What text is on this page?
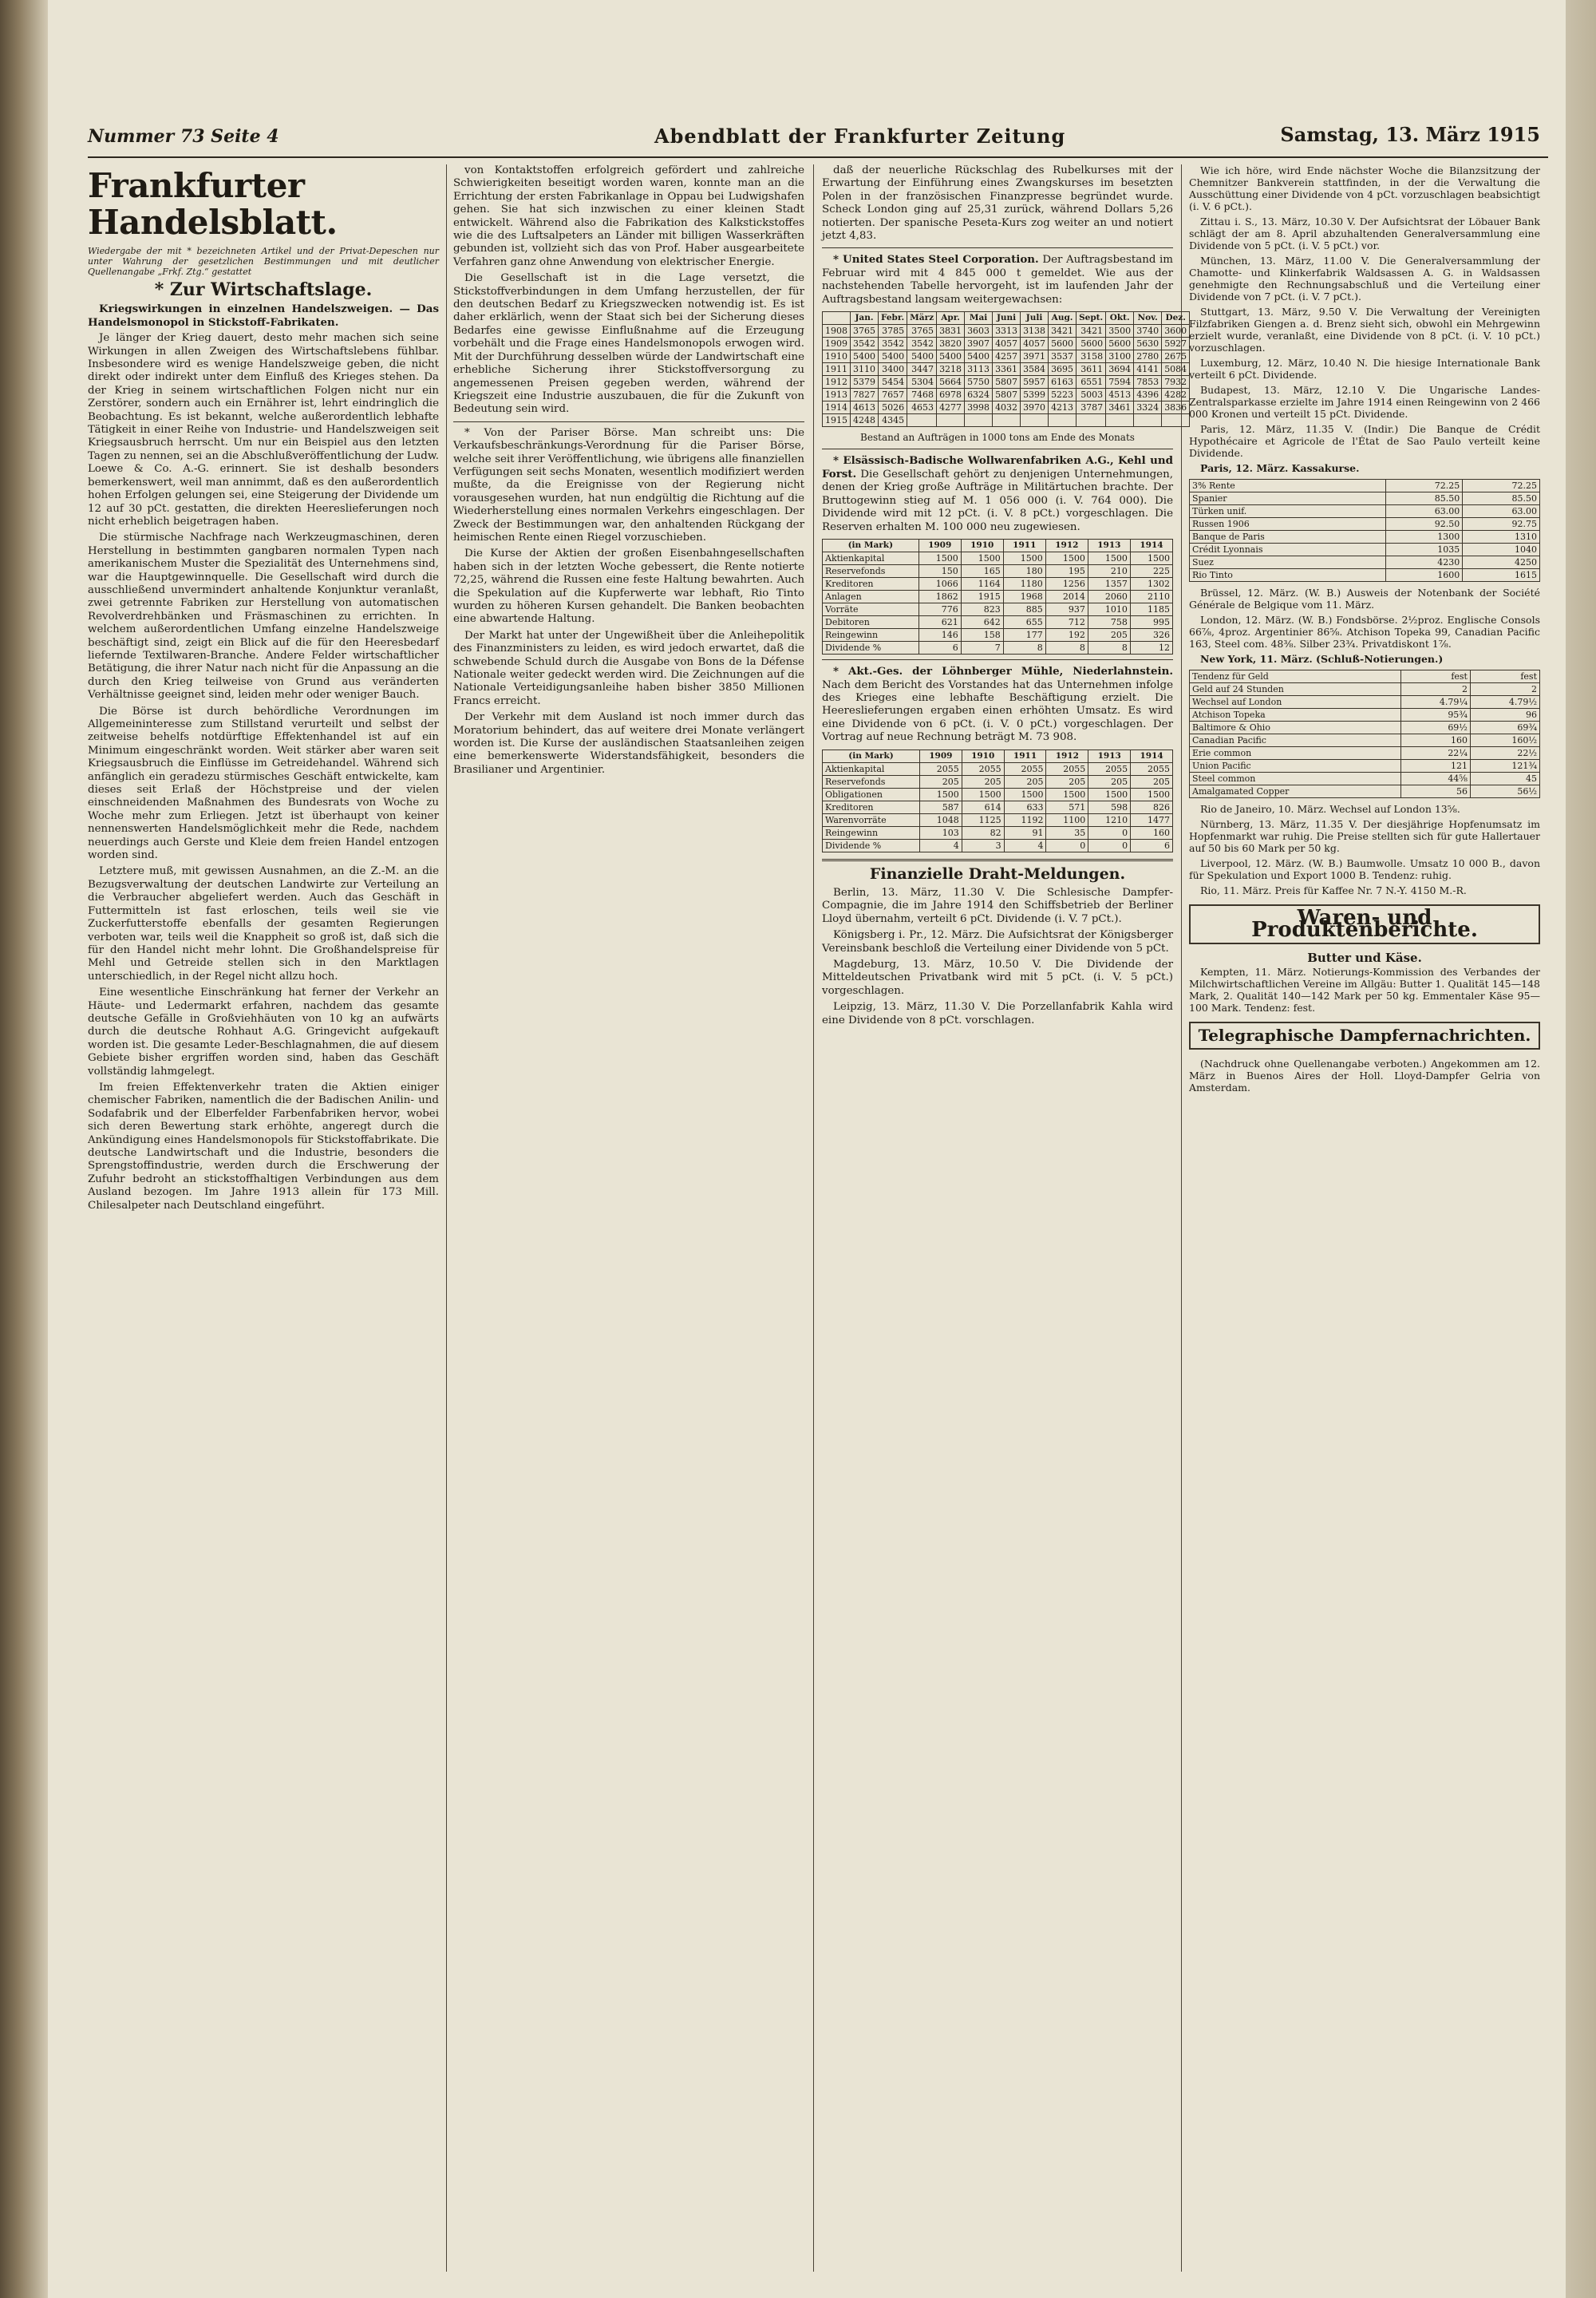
Nummer 73 Seite 4	Abendblatt der Frankfurter Zeitung	Samstag, 13. März 1915
Frankfurter Handelsblatt.
Wiedergabe der mit * bezeichneten Artikel und der Privat-Depeschen nur unter Wahrung der gesetzlichen Bestimmungen und mit deutlicher Quellenangabe „Frkf. Ztg.“ gestattet
* Zur Wirtschaftslage.

Kriegswirkungen in einzelnen Handelszweigen. — Das Handelsmonopol in Stickstoff-Fabrikaten.

Je länger der Krieg dauert, desto mehr machen sich seine Wirkungen in allen Zweigen des Wirtschaftslebens fühlbar. Insbesondere wird es wenige Handelszweige geben, die nicht direkt oder indirekt unter dem Einfluß des Krieges stehen. Da der Krieg in seinem wirtschaftlichen Folgen nicht nur ein Zerstörer, sondern auch ein Ernährer ist, lehrt eindringlich die Beobachtung. Es ist bekannt, welche außerordentlich lebhafte Tätigkeit in einer Reihe von Industrie- und Handelszweigen seit Kriegsausbruch herrscht. Um nur ein Beispiel aus den letzten Tagen zu nennen, sei an die Abschlußveröffentlichung der Ludw. Loewe & Co. A.-G. erinnert. Sie ist deshalb besonders bemerkenswert, weil man annimmt, daß es den außerordentlich hohen Erfolgen gelungen sei, eine Steigerung der Dividende um 12 auf 30 pCt. gestatten, die direkten Heereslieferungen noch nicht erheblich beigetragen haben.

Die stürmische Nachfrage nach Werkzeugmaschinen, deren Herstellung in bestimmten gangbaren normalen Typen nach amerikanischem Muster die Spezialität des Unternehmens sind, war die Hauptgewinnquelle. Die Gesellschaft wird durch die ausschließend unvermindert anhaltende Konjunktur veranlaßt, zwei getrennte Fabriken zur Herstellung von automatischen Revolverdrehbänken und Fräsmaschinen zu errichten. In welchem außerordentlichen Umfang einzelne Handelszweige beschäftigt sind, zeigt ein Blick auf die für den Heeresbedarf liefernde Textilwaren-Branche. Andere Felder wirtschaftlicher Betätigung, die ihrer Natur nach nicht für die Anpassung an die durch den Krieg teilweise von Grund aus veränderten Verhältnisse geeignet sind, leiden mehr oder weniger Bauch.

Die Börse ist durch behördliche Verordnungen im Allgemeininteresse zum Stillstand verurteilt und selbst der zeitweise behelfs notdürftige Effektenhandel ist auf ein Minimum eingeschränkt worden. Weit stärker aber waren seit Kriegsausbruch die Einflüsse im Getreidehandel. Während sich anfänglich ein geradezu stürmisches Geschäft entwickelte, kam dieses seit Erlaß der Höchstpreise und der vielen einschneidenden Maßnahmen des Bundesrats von Woche zu Woche mehr zum Erliegen. Jetzt ist überhaupt von keiner nennenswerten Handelsmöglichkeit mehr die Rede, nachdem neuerdings auch Gerste und Kleie dem freien Handel entzogen worden sind.

Letztere muß, mit gewissen Ausnahmen, an die Z.-M. an die Bezugsverwaltung der deutschen Landwirte zur Verteilung an die Verbraucher abgeliefert werden. Auch das Geschäft in Futtermitteln ist fast erloschen, teils weil sie vie Zuckerfutterstoffe ebenfalls der gesamten Regierungen verboten war, teils weil die Knappheit so groß ist, daß sich die für den Handel nicht mehr lohnt. Die Großhandelspreise für Mehl und Getreide stellen sich in den Marktlagen unterschiedlich, in der Regel nicht allzu hoch.

Eine wesentliche Einschränkung hat ferner der Verkehr an Häute- und Ledermarkt erfahren, nachdem das gesamte deutsche Gefälle in Großviehhäuten von 10 kg an aufwärts durch die deutsche Rohhaut A.G. Gringevicht aufgekauft worden ist. Die gesamte Leder-Beschlagnahmen, die auf diesem Gebiete bisher ergriffen worden sind, haben das Geschäft vollständig lahmgelegt.

Im freien Effektenverkehr traten die Aktien einiger chemischer Fabriken, namentlich die der Badischen Anilin- und Sodafabrik und der Elberfelder Farbenfabriken hervor, wobei sich deren Bewertung stark erhöhte, angeregt durch die Ankündigung eines Handelsmonopols für Stickstoffabrikate. Die deutsche Landwirtschaft und die Industrie, besonders die Sprengstoffindustrie, werden durch die Erschwerung der Zufuhr bedroht an stickstoffhaltigen Verbindungen aus dem Ausland bezogen. Im Jahre 1913 allein für 173 Mill. Chilesalpeter nach Deutschland eingeführt.

von Kontaktstoffen erfolgreich gefördert und zahlreiche Schwierigkeiten beseitigt worden waren, konnte man an die Errichtung der ersten Fabrikanlage in Oppau bei Ludwigshafen gehen. Sie hat sich inzwischen zu einer kleinen Stadt entwickelt. Während also die Fabrikation des Kalkstickstoffes wie die des Luftsalpeters an Länder mit billigen Wasserkräften gebunden ist, vollzieht sich das von Prof. Haber ausgearbeitete Verfahren ganz ohne Anwendung von elektrischer Energie.

Die Gesellschaft ist in die Lage versetzt, die Stickstoffverbindungen in dem Umfang herzustellen, der für den deutschen Bedarf zu Kriegszwecken notwendig ist. Es ist daher erklärlich, wenn der Staat sich bei der Sicherung dieses Bedarfes eine gewisse Einflußnahme auf die Erzeugung vorbehält und die Frage eines Handelsmonopols erwogen wird. Mit der Durchführung desselben würde der Landwirtschaft eine erhebliche Sicherung ihrer Stickstoffversorgung zu angemessenen Preisen gegeben werden, während der Kriegszeit eine Industrie auszubauen, die für die Zukunft von Bedeutung sein wird.

* Von der Pariser Börse. Man schreibt uns: Die Verkaufsbeschränkungs-Verordnung für die Pariser Börse, welche seit ihrer Veröffentlichung, wie übrigens alle finanziellen Verfügungen seit sechs Monaten, wesentlich modifiziert werden mußte, da die Ereignisse von der Regierung nicht vorausgesehen wurden, hat nun endgültig die Richtung auf die Wiederherstellung eines normalen Verkehrs eingeschlagen. Der Zweck der Bestimmungen war, den anhaltenden Rückgang der heimischen Rente einen Riegel vorzuschieben.

Die Kurse der Aktien der großen Eisenbahngesellschaften haben sich in der letzten Woche gebessert, die Rente notierte 72,25, während die Russen eine feste Haltung bewahrten. Auch die Spekulation auf die Kupferwerte war lebhaft, Rio Tinto wurden zu höheren Kursen gehandelt. Die Banken beobachten eine abwartende Haltung.

Der Markt hat unter der Ungewißheit über die Anleihepolitik des Finanzministers zu leiden, es wird jedoch erwartet, daß die schwebende Schuld durch die Ausgabe von Bons de la Défense Nationale weiter gedeckt werden wird. Die Zeichnungen auf die Nationale Verteidigungsanleihe haben bisher 3850 Millionen Francs erreicht.

Der Verkehr mit dem Ausland ist noch immer durch das Moratorium behindert, das auf weitere drei Monate verlängert worden ist. Die Kurse der ausländischen Staatsanleihen zeigen eine bemerkenswerte Widerstandsfähigkeit, besonders die Brasilianer und Argentinier.

daß der neuerliche Rückschlag des Rubelkurses mit der Erwartung der Einführung eines Zwangskurses im besetzten Polen in der französischen Finanzpresse begründet wurde. Scheck London ging auf 25,31 zurück, während Dollars 5,26 notierten. Der spanische Peseta-Kurs zog weiter an und notiert jetzt 4,83.

* United States Steel Corporation. Der Auftragsbestand im Februar wird mit 4 845 000 t gemeldet. Wie aus der nachstehenden Tabelle hervorgeht, ist im laufenden Jahr der Auftragsbestand langsam weitergewachsen:

	Jan.	Febr.	März	Apr.	Mai	Juni	Juli	Aug.	Sept.	Okt.	Nov.	Dez.
1908	3765	3785	3765	3831	3603	3313	3138	3421	3421	3500	3740	3600
1909	3542	3542	3542	3820	3907	4057	4057	5600	5600	5600	5630	5927
1910	5400	5400	5400	5400	5400	4257	3971	3537	3158	3100	2780	2675
1911	3110	3400	3447	3218	3113	3361	3584	3695	3611	3694	4141	5084
1912	5379	5454	5304	5664	5750	5807	5957	6163	6551	7594	7853	7932
1913	7827	7657	7468	6978	6324	5807	5399	5223	5003	4513	4396	4282
1914	4613	5026	4653	4277	3998	4032	3970	4213	3787	3461	3324	3836
1915	4248	4345										
Bestand an Aufträgen in 1000 tons am Ende des Monats

* Elsässisch-Badische Wollwarenfabriken A.G., Kehl und Forst. Die Gesellschaft gehört zu denjenigen Unternehmungen, denen der Krieg große Aufträge in Militärtuchen brachte. Der Bruttogewinn stieg auf M. 1 056 000 (i. V. 764 000). Die Dividende wird mit 12 pCt. (i. V. 8 pCt.) vorgeschlagen. Die Reserven erhalten M. 100 000 neu zugewiesen.

(in Mark)	1909	1910	1911	1912	1913	1914
Aktienkapital	1500	1500	1500	1500	1500	1500
Reservefonds	150	165	180	195	210	225
Kreditoren	1066	1164	1180	1256	1357	1302
Anlagen	1862	1915	1968	2014	2060	2110
Vorräte	776	823	885	937	1010	1185
Debitoren	621	642	655	712	758	995
Reingewinn	146	158	177	192	205	326
Dividende %	6	7	8	8	8	12

* Akt.-Ges. der Löhnberger Mühle, Niederlahnstein. Nach dem Bericht des Vorstandes hat das Unternehmen infolge des Krieges eine lebhafte Beschäftigung erzielt. Die Heereslieferungen ergaben einen erhöhten Umsatz. Es wird eine Dividende von 6 pCt. (i. V. 0 pCt.) vorgeschlagen. Der Vortrag auf neue Rechnung beträgt M. 73 908.

(in Mark)	1909	1910	1911	1912	1913	1914
Aktienkapital	2055	2055	2055	2055	2055	2055
Reservefonds	205	205	205	205	205	205
Obligationen	1500	1500	1500	1500	1500	1500
Kreditoren	587	614	633	571	598	826
Warenvorräte	1048	1125	1192	1100	1210	1477
Reingewinn	103	82	91	35	0	160
Dividende %	4	3	4	0	0	6
Finanzielle Draht-Meldungen.

Berlin, 13. März, 11.30 V. Die Schlesische Dampfer-Compagnie, die im Jahre 1914 den Schiffsbetrieb der Berliner Lloyd übernahm, verteilt 6 pCt. Dividende (i. V. 7 pCt.).

Königsberg i. Pr., 12. März. Die Aufsichtsrat der Königsberger Vereinsbank beschloß die Verteilung einer Dividende von 5 pCt.

Magdeburg, 13. März, 10.50 V. Die Dividende der Mitteldeutschen Privatbank wird mit 5 pCt. (i. V. 5 pCt.) vorgeschlagen.

Leipzig, 13. März, 11.30 V. Die Porzellanfabrik Kahla wird eine Dividende von 8 pCt. vorschlagen.

Wie ich höre, wird Ende nächster Woche die Bilanzsitzung der Chemnitzer Bankverein stattfinden, in der die Verwaltung die Ausschüttung einer Dividende von 4 pCt. vorzuschlagen beabsichtigt (i. V. 6 pCt.).

Zittau i. S., 13. März, 10.30 V. Der Aufsichtsrat der Löbauer Bank schlägt der am 8. April abzuhaltenden Generalversammlung eine Dividende von 5 pCt. (i. V. 5 pCt.) vor.

München, 13. März, 11.00 V. Die Generalversammlung der Chamotte- und Klinkerfabrik Waldsassen A. G. in Waldsassen genehmigte den Rechnungsabschluß und die Verteilung einer Dividende von 7 pCt. (i. V. 7 pCt.).

Stuttgart, 13. März, 9.50 V. Die Verwaltung der Vereinigten Filzfabriken Giengen a. d. Brenz sieht sich, obwohl ein Mehrgewinn erzielt wurde, veranlaßt, eine Dividende von 8 pCt. (i. V. 10 pCt.) vorzuschlagen.

Luxemburg, 12. März, 10.40 N. Die hiesige Internationale Bank verteilt 6 pCt. Dividende.

Budapest, 13. März, 12.10 V. Die Ungarische Landes-Zentralsparkasse erzielte im Jahre 1914 einen Reingewinn von 2 466 000 Kronen und verteilt 15 pCt. Dividende.

Paris, 12. März, 11.35 V. (Indir.) Die Banque de Crédit Hypothécaire et Agricole de l'État de Sao Paulo verteilt keine Dividende.

Paris, 12. März. Kassakurse.

3% Rente	72.25	72.25
Spanier	85.50	85.50
Türken unif.	63.00	63.00
Russen 1906	92.50	92.75
Banque de Paris	1300	1310
Crédit Lyonnais	1035	1040
Suez	4230	4250
Rio Tinto	1600	1615

Brüssel, 12. März. (W. B.) Ausweis der Notenbank der Société Générale de Belgique vom 11. März.

London, 12. März. (W. B.) Fondsbörse. 2½proz. Englische Consols 66⅞, 4proz. Argentinier 86⅝. Atchison Topeka 99, Canadian Pacific 163, Steel com. 48⅜. Silber 23¾. Privatdiskont 1⅞.

New York, 11. März. (Schluß-Notierungen.)

Tendenz für Geld	fest	fest
Geld auf 24 Stunden	2	2
Wechsel auf London	4.79¼	4.79½
Atchison Topeka	95¾	96
Baltimore & Ohio	69½	69¾
Canadian Pacific	160	160½
Erie common	22¼	22½
Union Pacific	121	121¾
Steel common	44⅝	45
Amalgamated Copper	56	56½

Rio de Janeiro, 10. März. Wechsel auf London 13⅝.

Nürnberg, 13. März, 11.35 V. Der diesjährige Hopfenumsatz im Hopfenmarkt war ruhig. Die Preise stellten sich für gute Hallertauer auf 50 bis 60 Mark per 50 kg.

Liverpool, 12. März. (W. B.) Baumwolle. Umsatz 10 000 B., davon für Spekulation und Export 1000 B. Tendenz: ruhig.

Rio, 11. März. Preis für Kaffee Nr. 7 N.-Y. 4150 M.-R.

Waren- und Produktenberichte.
Butter und Käse.

Kempten, 11. März. Notierungs-Kommission des Verbandes der Milchwirtschaftlichen Vereine im Allgäu: Butter 1. Qualität 145—148 Mark, 2. Qualität 140—142 Mark per 50 kg. Emmentaler Käse 95—100 Mark. Tendenz: fest.

Telegraphische Dampfernachrichten.

(Nachdruck ohne Quellenangabe verboten.) Angekommen am 12. März in Buenos Aires der Holl. Lloyd-Dampfer Gelria von Amsterdam.
